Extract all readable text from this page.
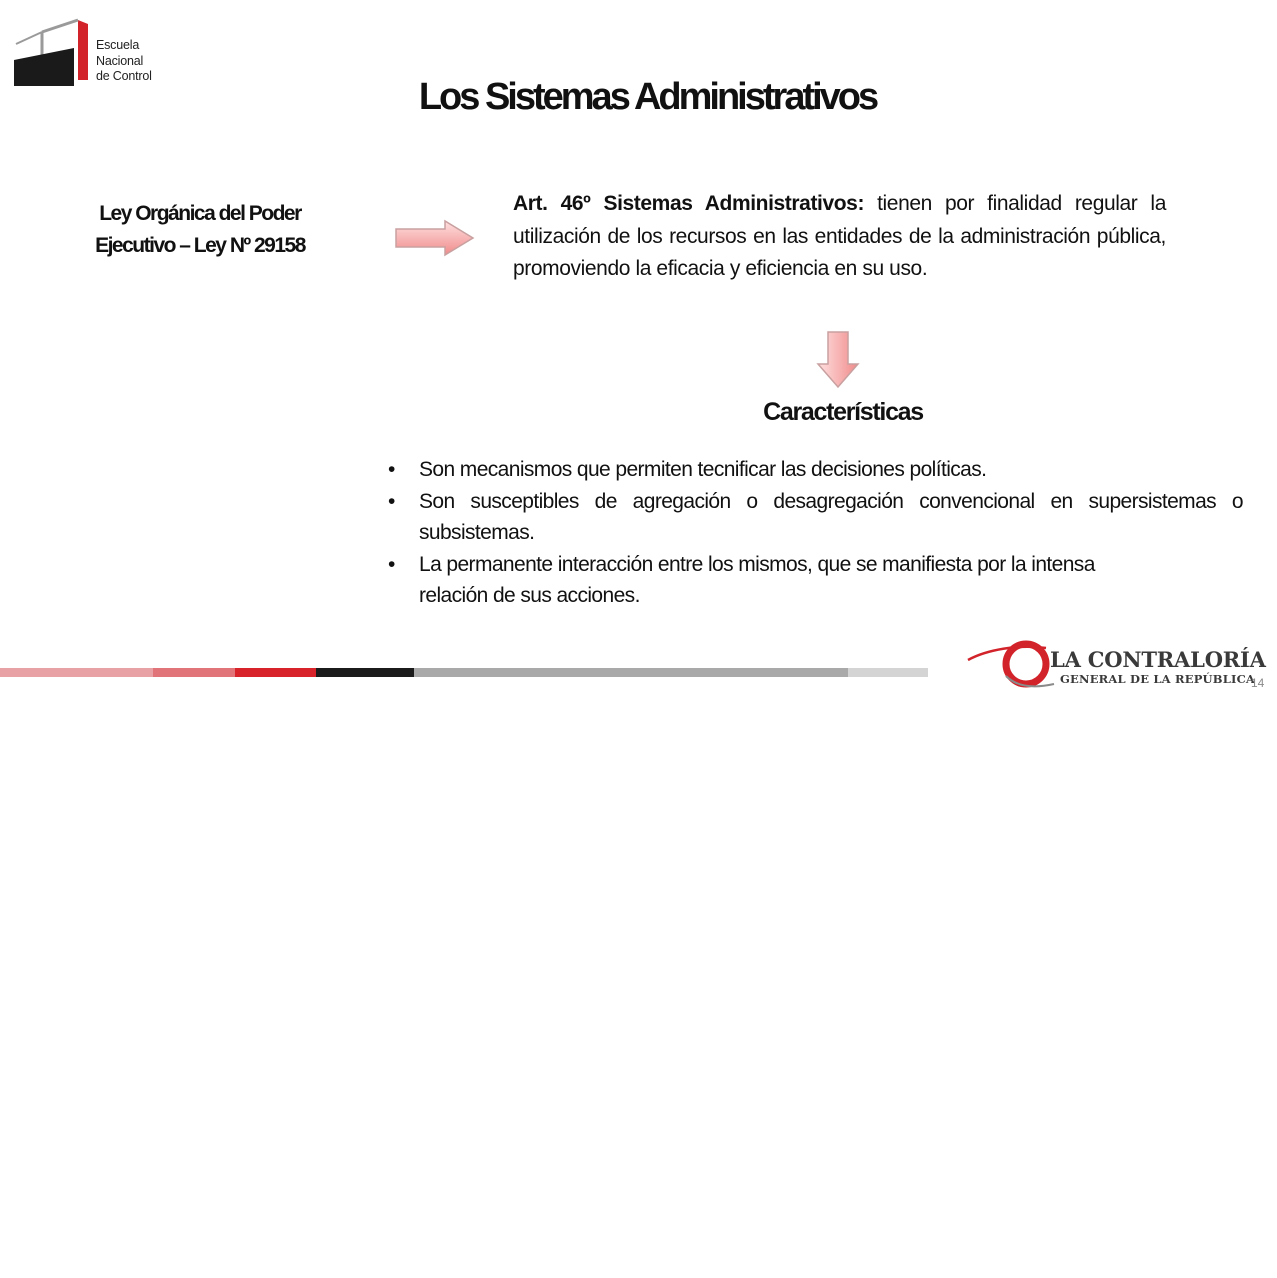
Escuela
Nacional
de Control	Los Sistemas Administrativos
Ley Orgánica del Poder
Ejecutivo – Ley Nº 29158

Art. 46º Sistemas Administrativos: tienen por finalidad regular la utilización de los recursos en las entidades de la administración pública, promoviendo la eficacia y eficiencia en su uso.

Características
• Son mecanismos que permiten tecnificar las decisiones políticas.
• Son susceptibles de agregación o desagregación convencional en supersistemas o subsistemas.
• La permanente interacción entre los mismos, que se manifiesta por la intensa relación de sus acciones.
LA CONTRALORÍA
GENERAL DE LA REPÚBLICA
14
